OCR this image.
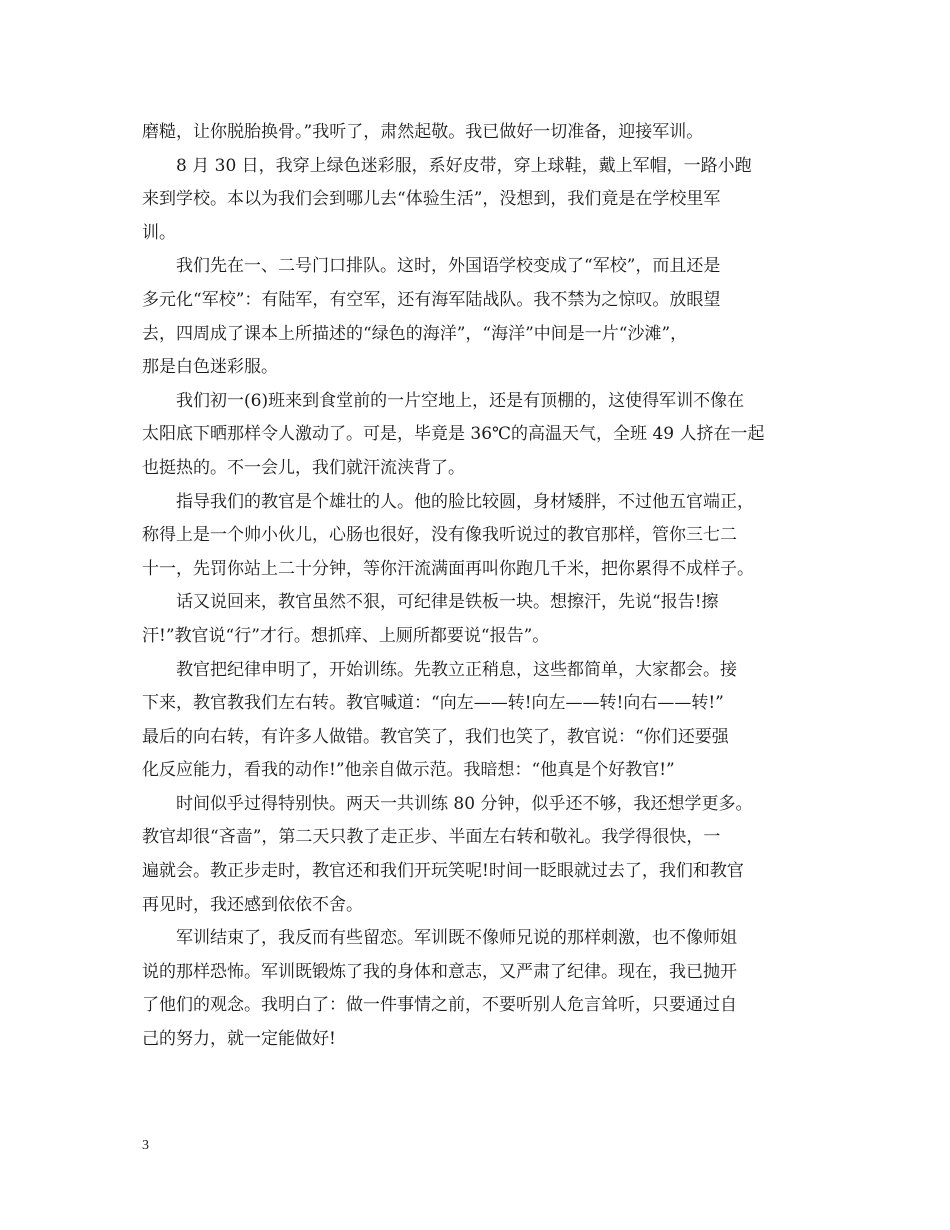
磨糙，让你脱胎换骨。”我听了，肃然起敬。我已做好一切准备，迎接军训。
8 月 30 日，我穿上绿色迷彩服，系好皮带，穿上球鞋，戴上军帽，一路小跑
来到学校。本以为我们会到哪儿去“体验生活”，没想到，我们竟是在学校里军
训。
我们先在一、二号门口排队。这时，外国语学校变成了“军校”，而且还是
多元化“军校”：有陆军，有空军，还有海军陆战队。我不禁为之惊叹。放眼望
去，四周成了课本上所描述的“绿色的海洋”，“海洋”中间是一片“沙滩”，
那是白色迷彩服。
我们初一(6)班来到食堂前的一片空地上，还是有顶棚的，这使得军训不像在
太阳底下晒那样令人激动了。可是，毕竟是 36℃的高温天气，全班 49 人挤在一起
也挺热的。不一会儿，我们就汗流浃背了。
指导我们的教官是个雄壮的人。他的脸比较圆，身材矮胖，不过他五官端正，
称得上是一个帅小伙儿，心肠也很好，没有像我听说过的教官那样，管你三七二
十一，先罚你站上二十分钟，等你汗流满面再叫你跑几千米，把你累得不成样子。
话又说回来，教官虽然不狠，可纪律是铁板一块。想擦汗，先说“报告!擦
汗!”教官说“行”才行。想抓痒、上厕所都要说“报告”。
教官把纪律申明了，开始训练。先教立正稍息，这些都简单，大家都会。接
下来，教官教我们左右转。教官喊道：“向左——转!向左——转!向右——转!”
最后的向右转，有许多人做错。教官笑了，我们也笑了，教官说：“你们还要强
化反应能力，看我的动作!”他亲自做示范。我暗想：“他真是个好教官!”
时间似乎过得特别快。两天一共训练 80 分钟，似乎还不够，我还想学更多。
教官却很“吝啬”，第二天只教了走正步、半面左右转和敬礼。我学得很快，一
遍就会。教正步走时，教官还和我们开玩笑呢!时间一眨眼就过去了，我们和教官
再见时，我还感到依依不舍。
军训结束了，我反而有些留恋。军训既不像师兄说的那样刺激，也不像师姐
说的那样恐怖。军训既锻炼了我的身体和意志，又严肃了纪律。现在，我已抛开
了他们的观念。我明白了：做一件事情之前，不要听别人危言耸听，只要通过自
己的努力，就一定能做好!
3
